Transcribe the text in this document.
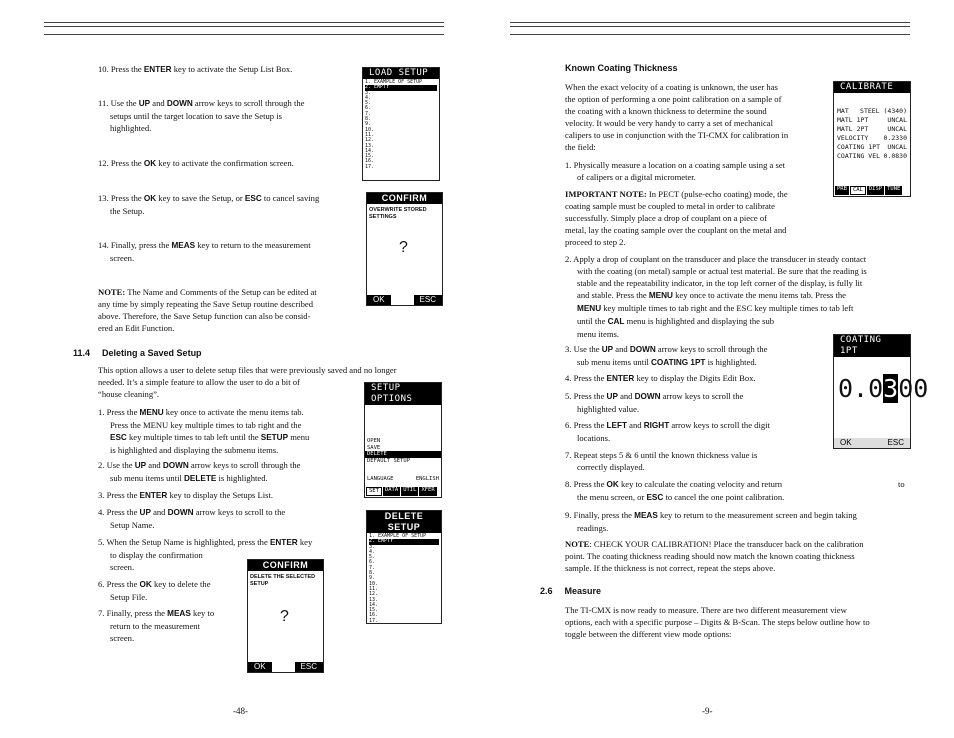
10. Press the ENTER key to activate the Setup List Box.
11. Use the UP and DOWN arrow keys to scroll through the
setups until the target location to save the Setup is
highlighted.
12. Press the OK key to activate the confirmation screen.
13. Press the OK key to save the Setup, or ESC to cancel saving
the Setup.
14. Finally, press the MEAS key to return to the measurement
screen.
NOTE: The Name and Comments of the Setup can be edited at
any time by simply repeating the Save Setup routine described
above. Therefore, the Save Setup function can also be consid-
ered an Edit Function.
11.4 Deleting a Saved Setup
This option allows a user to delete setup files that were previously saved and no longer
needed. It’s a simple feature to allow the user to do a bit of
“house cleaning”.
1. Press the MENU key once to activate the menu items tab.
Press the MENU key multiple times to tab right and the
ESC key multiple times to tab left until the SETUP menu
is highlighted and displaying the submenu items.
2. Use the UP and DOWN arrow keys to scroll through the
sub menu items until DELETE is highlighted.
3. Press the ENTER key to display the Setups List.
4. Press the UP and DOWN arrow keys to scroll to the
Setup Name.
5. When the Setup Name is highlighted, press the ENTER key
to display the confirmation
screen.
6. Press the OK key to delete the
Setup File.
7. Finally, press the MEAS key to
return to the measurement
screen.
-48-
LOAD SETUP
1. EXAMPLE OF SETUP
2. EMPTY
3.
4.
5.
6.
7.
8.
9.
10.
11.
12.
13.
14.
15.
16.
17.
CONFIRM
OVERWRITE STORED
SETTINGS
?
OK	ESC
SETUP OPTIONS
OPEN
SAVE
DELETE
DEFAULT SETUP
LANGUAGE	ENGLISH
SET	DATA UTIL XFER
DELETE SETUP
1. EXAMPLE OF SETUP
2. EMPTY
3.
4.
5.
6.
7.
8.
9.
10.
11.
12.
13.
14.
15.
16.
17.
CONFIRM
DELETE THE SELECTED
SETUP
?
OK	ESC
Known Coating Thickness
When the exact velocity of a coating is unknown, the user has
the option of performing a one point calibration on a sample of
the coating with a known thickness to determine the sound
velocity. It would be very handy to carry a set of mechanical
calipers to use in conjunction with the TI-CMX for calibration in
the field:
1. Physically measure a location on a coating sample using a set
of calipers or a digital micrometer.
IMPORTANT NOTE: In PECT (pulse-echo coating) mode, the
coating sample must be coupled to metal in order to calibrate
successfully. Simply place a drop of couplant on a piece of
metal, lay the coating sample over the couplant on the metal and
proceed to step 2.
2. Apply a drop of couplant on the transducer and place the transducer in steady contact
with the coating (on metal) sample or actual test material. Be sure that the reading is
stable and the repeatability indicator, in the top left corner of the display, is fully lit
and stable. Press the MENU key once to activate the menu items tab. Press the
MENU key multiple times to tab right and the ESC key multiple times to tab left
until the CAL menu is highlighted and displaying the sub
menu items.
3. Use the UP and DOWN arrow keys to scroll through the
sub menu items until COATING 1PT is highlighted.
4. Press the ENTER key to display the Digits Edit Box.
5. Press the UP and DOWN arrow keys to scroll the
highlighted value.
6. Press the LEFT and RIGHT arrow keys to scroll the digit
locations.
7. Repeat steps 5 & 6 until the known thickness value is
correctly displayed.
8. Press the OK key to calculate the coating velocity and return
the menu screen, or ESC to cancel the one point calibration.
to
9. Finally, press the MEAS key to return to the measurement screen and begin taking
readings.
NOTE: CHECK YOUR CALIBRATION! Place the transducer back on the calibration
point. The coating thickness reading should now match the known coating thickness
sample. If the thickness is not correct, repeat the steps above.
2.6 Measure
The TI-CMX is now ready to measure. There are two different measurement view
options, each with a specific purpose – Digits & B-Scan. The steps below outline how to
toggle between the different view mode options:
-9-
CALIBRATE
MAT STEEL (4340)
MATL 1PT	UNCAL
MATL 2PT	UNCAL
VELOCITY 0.2330
COATING 1PT UNCAL
COATING VEL 0.0830
PRB	CAL	DISP TUNE
COATING 1PT
0.0300
OK	ESC
